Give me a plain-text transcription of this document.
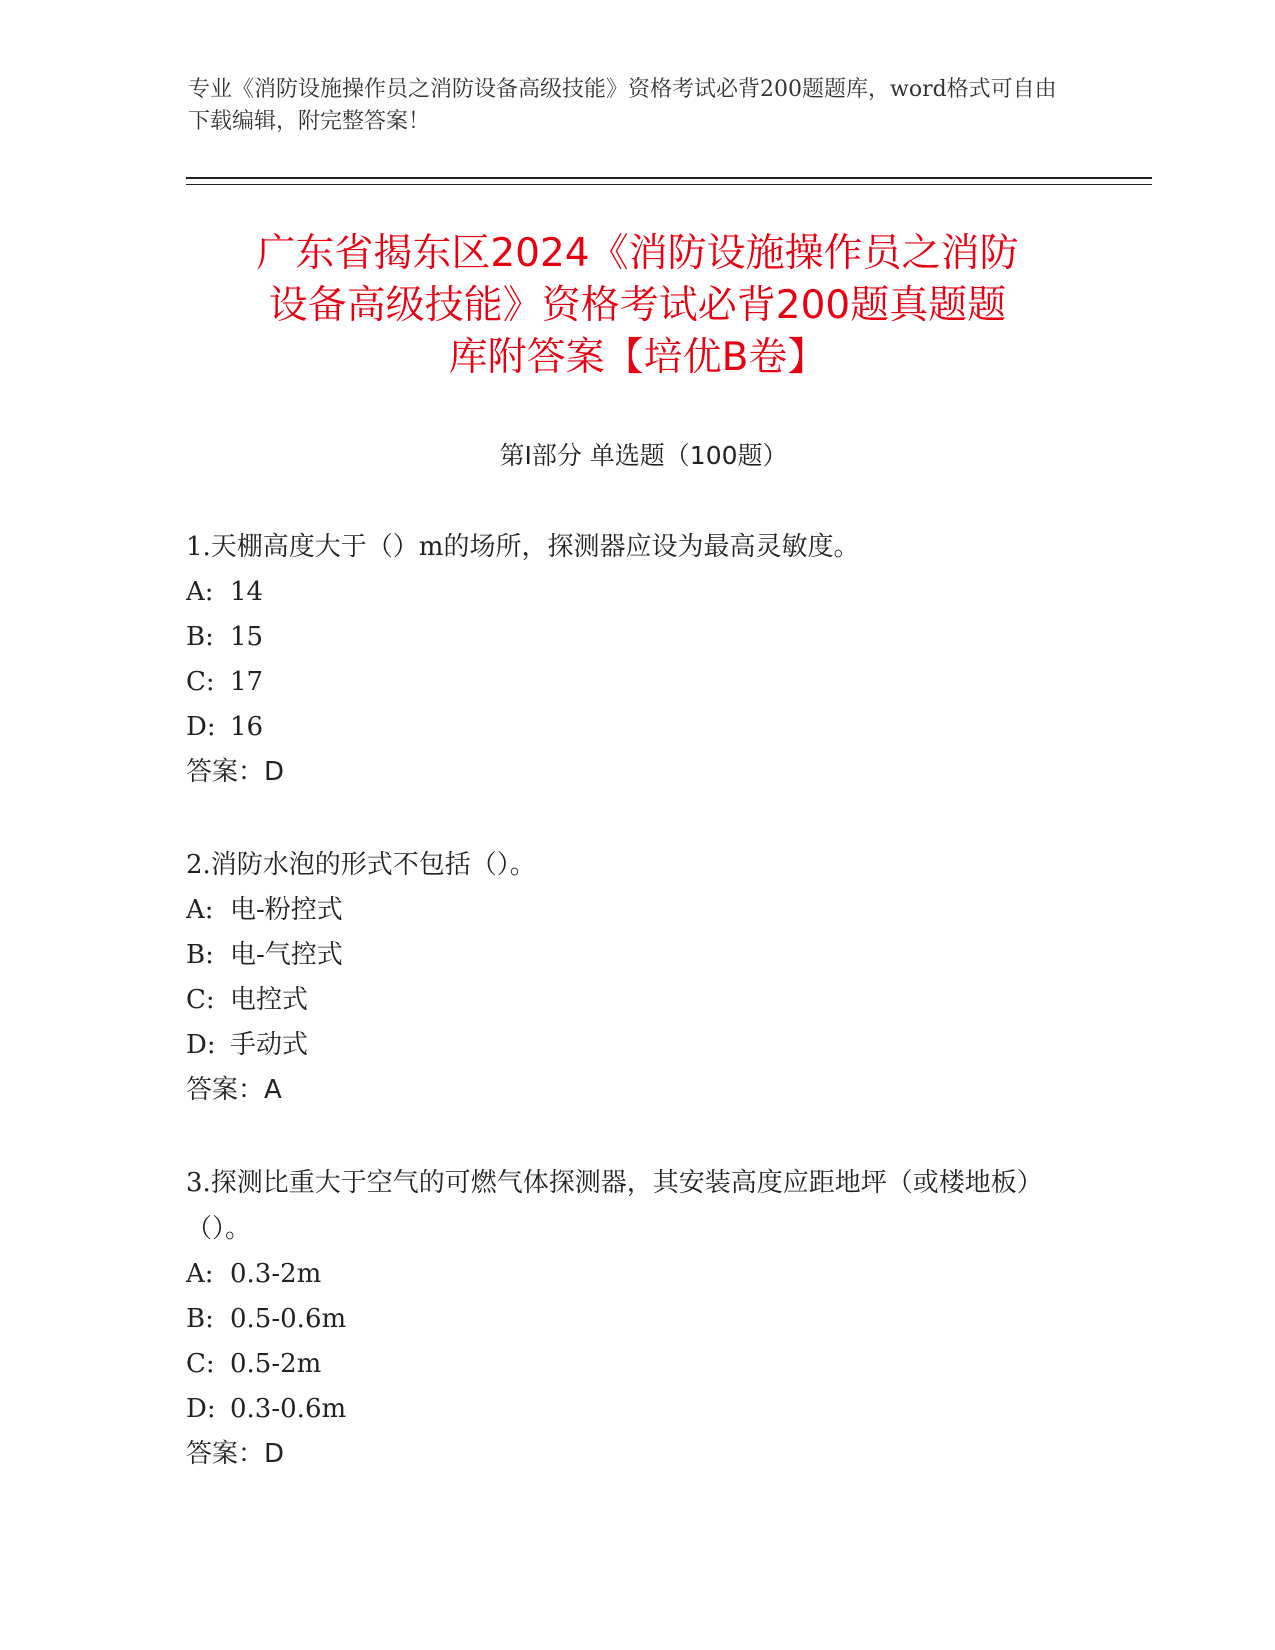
专业《消防设施操作员之消防设备高级技能》资格考试必背200题题库，word格式可自由下载编辑，附完整答案！
广东省揭东区2024《消防设施操作员之消防
设备高级技能》资格考试必背200题真题题
库附答案【培优B卷】
第Ⅰ部分 单选题（100题）

1.天棚高度大于（）m的场所，探测器应设为最高灵敏度。

A: 14

B: 15

C: 17

D: 16

答案：D

2.消防水泡的形式不包括（）。

A: 电-粉控式

B: 电-气控式

C: 电控式

D: 手动式

答案：A

3.探测比重大于空气的可燃气体探测器，其安装高度应距地坪（或楼地板）（）。

A: 0.3-2m

B: 0.5-0.6m

C: 0.5-2m

D: 0.3-0.6m

答案：D
